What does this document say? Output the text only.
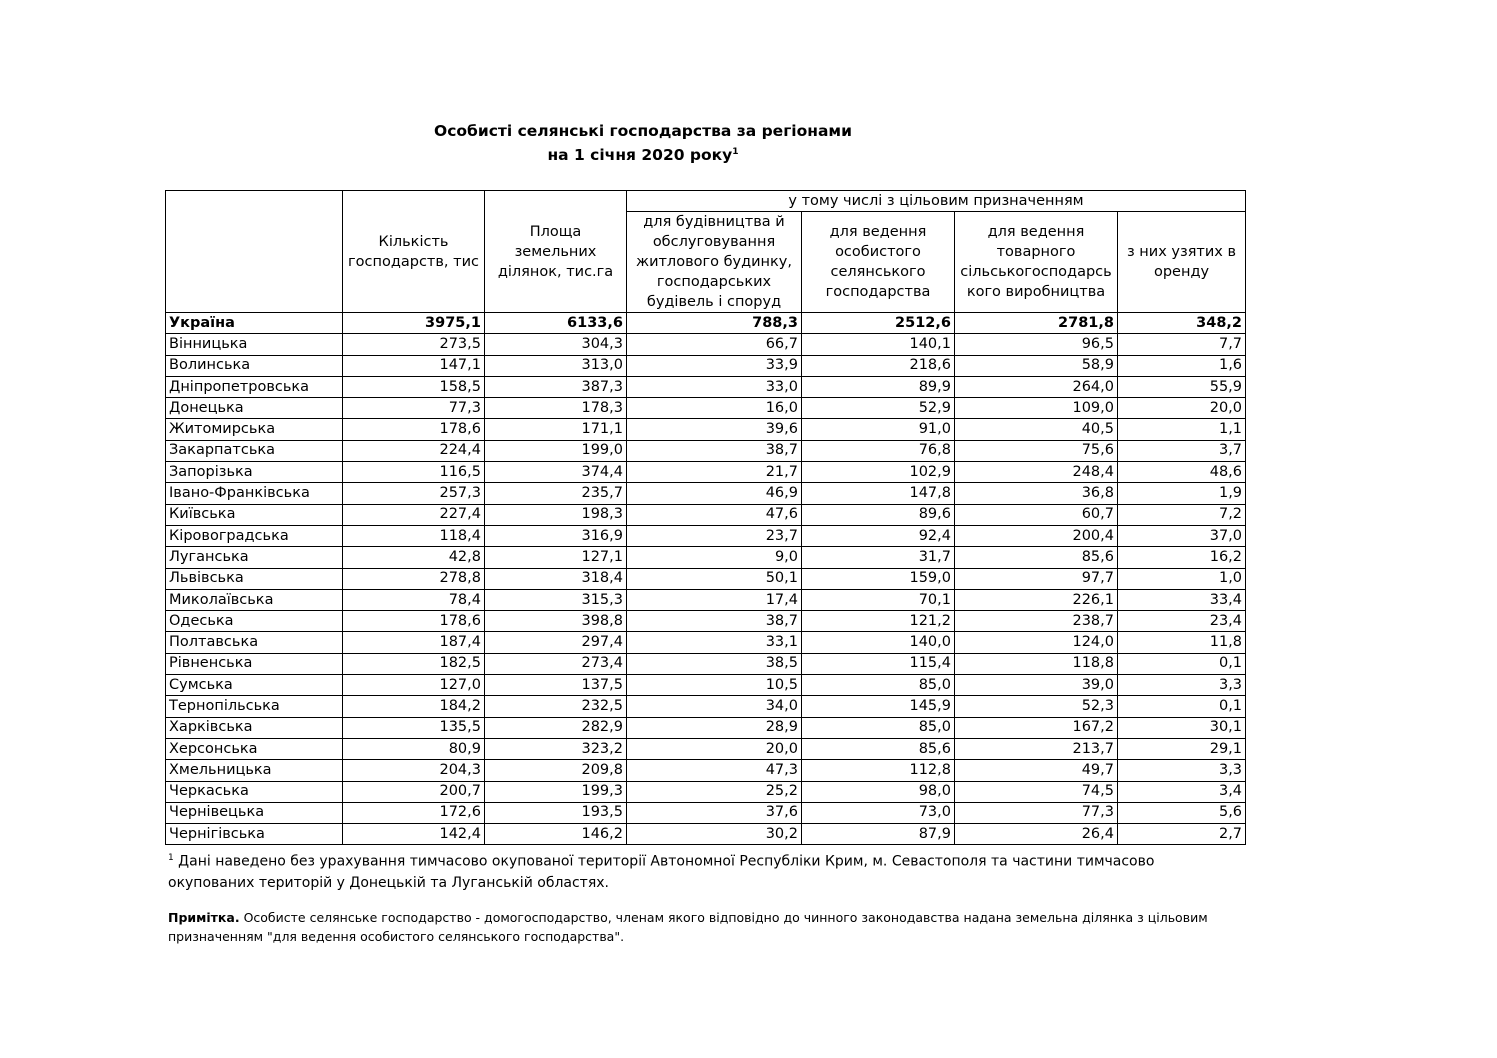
Особисті селянські господарства за регіонами
на 1 січня 2020 року$^1$
	Кількість господарств, тис	Площа земельних ділянок, тис.га	у тому числі з цільовим призначенням			
			для будівництва й обслуговування житлового будинку, господарських будівель і споруд	для ведення особистого селянського господарства	для ведення товарного сільськогосподарсь кого виробництва	з них узятих в оренду
Україна	3975,1	6133,6	788,3	2512,6	2781,8	348,2
Вінницька	273,5	304,3	66,7	140,1	96,5	7,7
Волинська	147,1	313,0	33,9	218,6	58,9	1,6
Дніпропетровська	158,5	387,3	33,0	89,9	264,0	55,9
Донецька	77,3	178,3	16,0	52,9	109,0	20,0
Житомирська	178,6	171,1	39,6	91,0	40,5	1,1
Закарпатська	224,4	199,0	38,7	76,8	75,6	3,7
Запорізька	116,5	374,4	21,7	102,9	248,4	48,6
Івано-Франківська	257,3	235,7	46,9	147,8	36,8	1,9
Київська	227,4	198,3	47,6	89,6	60,7	7,2
Кіровоградська	118,4	316,9	23,7	92,4	200,4	37,0
Луганська	42,8	127,1	9,0	31,7	85,6	16,2
Львівська	278,8	318,4	50,1	159,0	97,7	1,0
Миколаївська	78,4	315,3	17,4	70,1	226,1	33,4
Одеська	178,6	398,8	38,7	121,2	238,7	23,4
Полтавська	187,4	297,4	33,1	140,0	124,0	11,8
Рівненська	182,5	273,4	38,5	115,4	118,8	0,1
Сумська	127,0	137,5	10,5	85,0	39,0	3,3
Тернопільська	184,2	232,5	34,0	145,9	52,3	0,1
Харківська	135,5	282,9	28,9	85,0	167,2	30,1
Херсонська	80,9	323,2	20,0	85,6	213,7	29,1
Хмельницька	204,3	209,8	47,3	112,8	49,7	3,3
Черкаська	200,7	199,3	25,2	98,0	74,5	3,4
Чернівецька	172,6	193,5	37,6	73,0	77,3	5,6
Чернігівська	142,4	146,2	30,2	87,9	26,4	2,7
$^1$ Дані наведено без урахування тимчасово окупованої території Автономної Республіки Крим, м. Севастополя та частини тимчасово окупованих територій у Донецькій та Луганській областях.
Примітка. Особисте селянське господарство - домогосподарство, членам якого відповідно до чинного законодавства надана земельна ділянка з цільовим призначенням "для ведення особистого селянського господарства".
